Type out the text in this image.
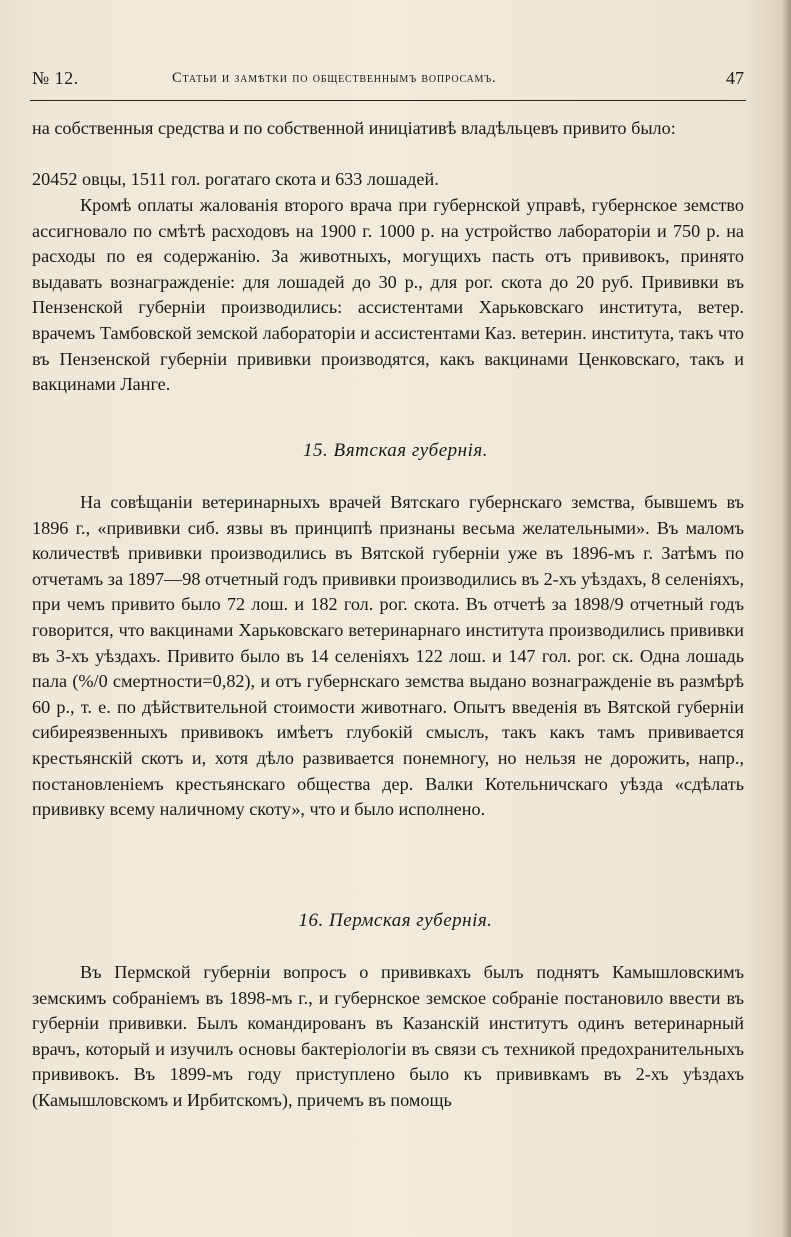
№ 12.	Статьи и замѣтки по общественнымъ вопросамъ.	47

на собственныя средства и по собственной иниціативѣ владѣльцевъ привито было:

20452 овцы, 1511 гол. рогатаго скота и 633 лошадей.

Кромѣ оплаты жалованія второго врача при губернской управѣ, губернское земство ассигновало по смѣтѣ расходовъ на 1900 г. 1000 р. на устройство лабораторіи и 750 р. на расходы по ея содержанію. За животныхъ, могущихъ пасть отъ прививокъ, принято выдавать вознагражденіе: для лошадей до 30 р., для рог. скота до 20 руб. Прививки въ Пензенской губерніи производились: ассистентами Харьковскаго института, ветер. врачемъ Тамбовской земской лабораторіи и ассистентами Каз. ветерин. института, такъ что въ Пензенской губерніи прививки производятся, какъ вакцинами Ценковскаго, такъ и вакцинами Ланге.

15. Вятская губернія.

На совѣщаніи ветеринарныхъ врачей Вятскаго губернскаго земства, бывшемъ въ 1896 г., «прививки сиб. язвы въ принципѣ признаны весьма желательными». Въ маломъ количествѣ прививки производились въ Вятской губерніи уже въ 1896-мъ г. Затѣмъ по отчетамъ за 1897—98 отчетный годъ прививки производились въ 2-хъ уѣздахъ, 8 селеніяхъ, при чемъ привито было 72 лош. и 182 гол. рог. скота. Въ отчетѣ за 1898/9 отчетный годъ говорится, что вакцинами Харьковскаго ветеринарнаго института производились прививки въ 3-хъ уѣздахъ. Привито было въ 14 селеніяхъ 122 лош. и 147 гол. рог. ск. Одна лошадь пала (%/0 смертности=0,82), и отъ губернскаго земства выдано вознагражденіе въ размѣрѣ 60 р., т. е. по дѣйствительной стоимости животнаго. Опытъ введенія въ Вятской губерніи сибиреязвенныхъ прививокъ имѣетъ глубокій смыслъ, такъ какъ тамъ прививается крестьянскій скотъ и, хотя дѣло развивается понемногу, но нельзя не дорожить, напр., постановленіемъ крестьянскаго общества дер. Валки Котельничскаго уѣзда «сдѣлать прививку всему наличному скоту», что и было исполнено.

16. Пермская губернія.

Въ Пермской губерніи вопросъ о прививкахъ былъ поднятъ Камышловскимъ земскимъ собраніемъ въ 1898-мъ г., и губернское земское собраніе постановило ввести въ губерніи прививки. Былъ командированъ въ Казанскій институтъ одинъ ветеринарный врачъ, который и изучилъ основы бактеріологіи въ связи съ техникой предохранительныхъ прививокъ. Въ 1899-мъ году приступлено было къ прививкамъ въ 2-хъ уѣздахъ (Камышловскомъ и Ирбитскомъ), причемъ въ помощь
